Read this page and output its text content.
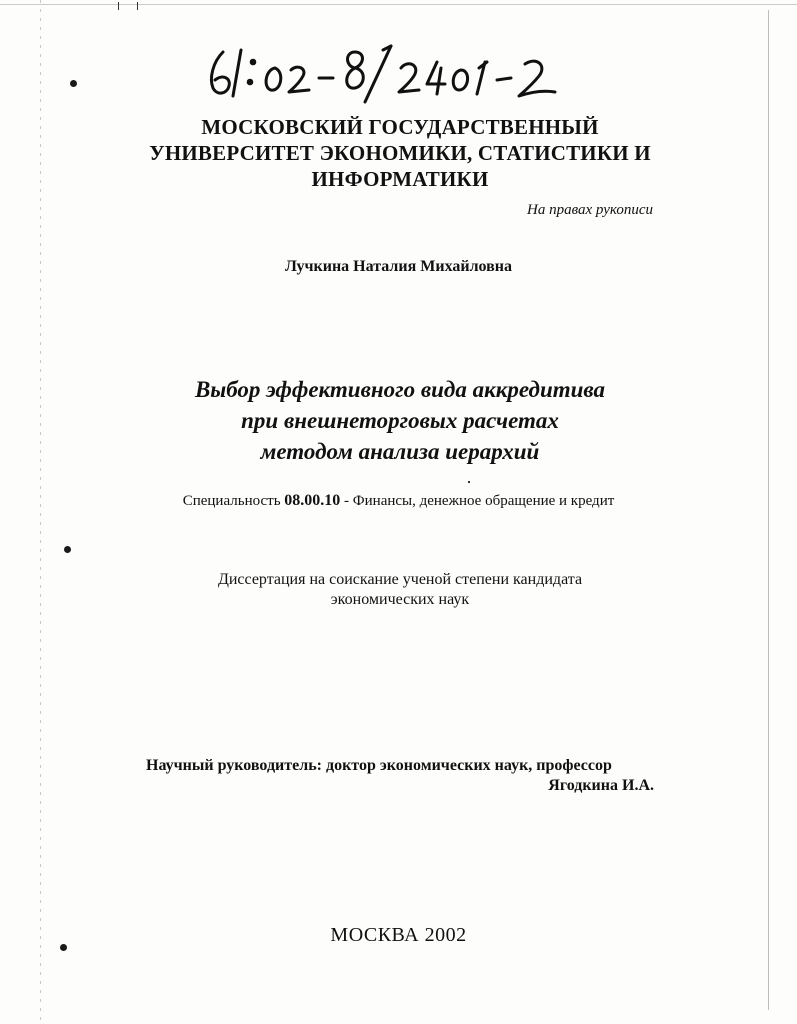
МОСКОВСКИЙ ГОСУДАРСТВЕННЫЙ
УНИВЕРСИТЕТ ЭКОНОМИКИ, СТАТИСТИКИ И
ИНФОРМАТИКИ
На правах рукописи
Лучкина Наталия Михайловна
Выбор эффективного вида аккредитива
при внешнеторговых расчетах
методом анализа иерархий
Специальность 08.00.10 - Финансы, денежное обращение и кредит
Диссертация на соискание ученой степени кандидата
экономических наук
Научный руководитель: доктор экономических наук, профессор
Ягодкина И.А.
МОСКВА 2002
